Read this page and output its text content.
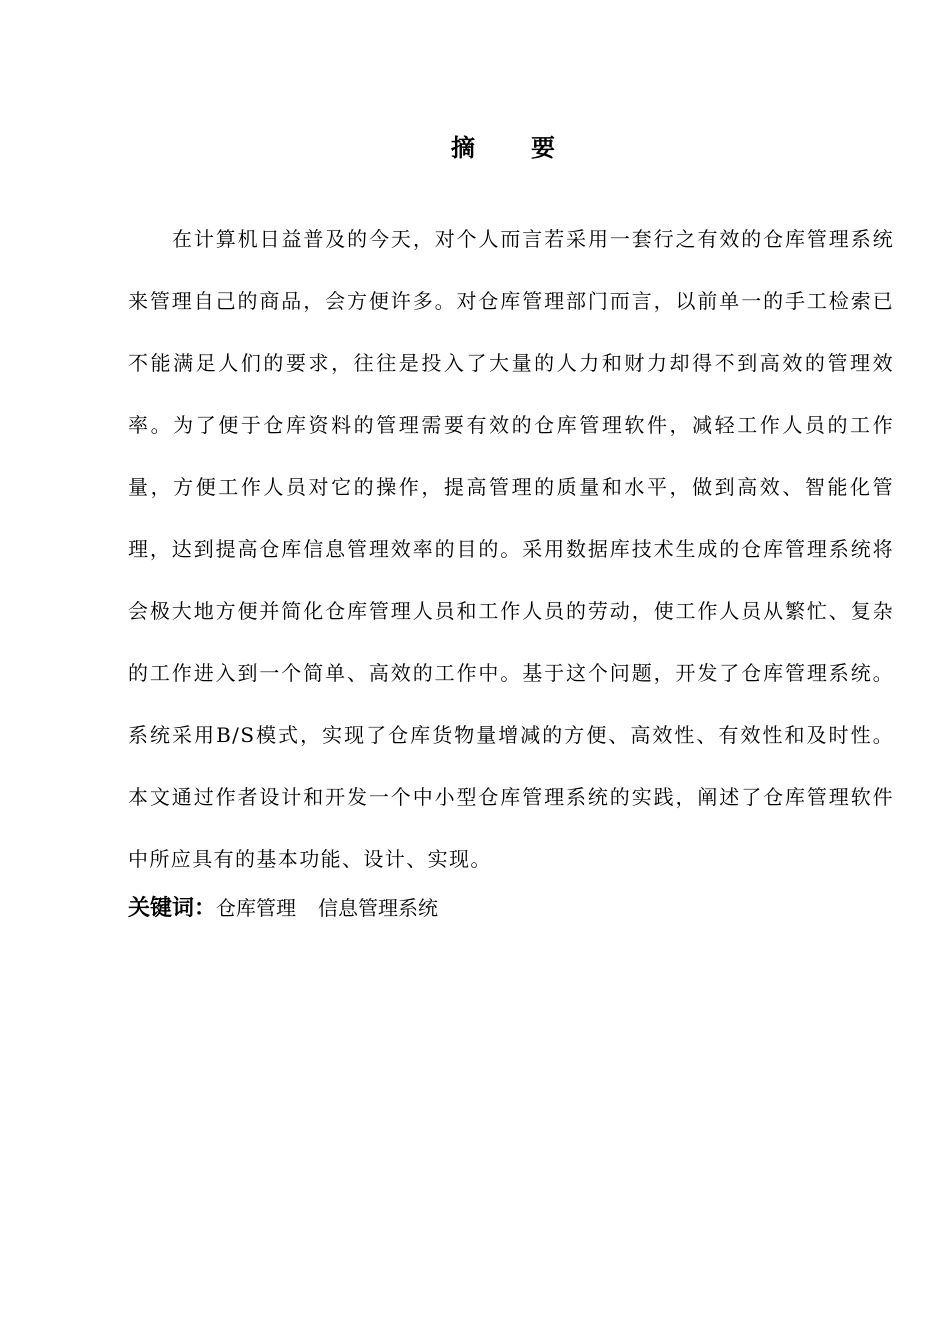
摘　要

在计算机日益普及的今天，对个人而言若采用一套行之有效的仓库管理系统来管理自己的商品，会方便许多。对仓库管理部门而言，以前单一的手工检索已不能满足人们的要求，往往是投入了大量的人力和财力却得不到高效的管理效率。为了便于仓库资料的管理需要有效的仓库管理软件，减轻工作人员的工作量，方便工作人员对它的操作，提高管理的质量和水平，做到高效、智能化管理，达到提高仓库信息管理效率的目的。采用数据库技术生成的仓库管理系统将会极大地方便并简化仓库管理人员和工作人员的劳动，使工作人员从繁忙、复杂的工作进入到一个简单、高效的工作中。基于这个问题，开发了仓库管理系统。系统采用B/S模式，实现了仓库货物量增减的方便、高效性、有效性和及时性。本文通过作者设计和开发一个中小型仓库管理系统的实践，阐述了仓库管理软件中所应具有的基本功能、设计、实现。

关键词：仓库管理 信息管理系统
